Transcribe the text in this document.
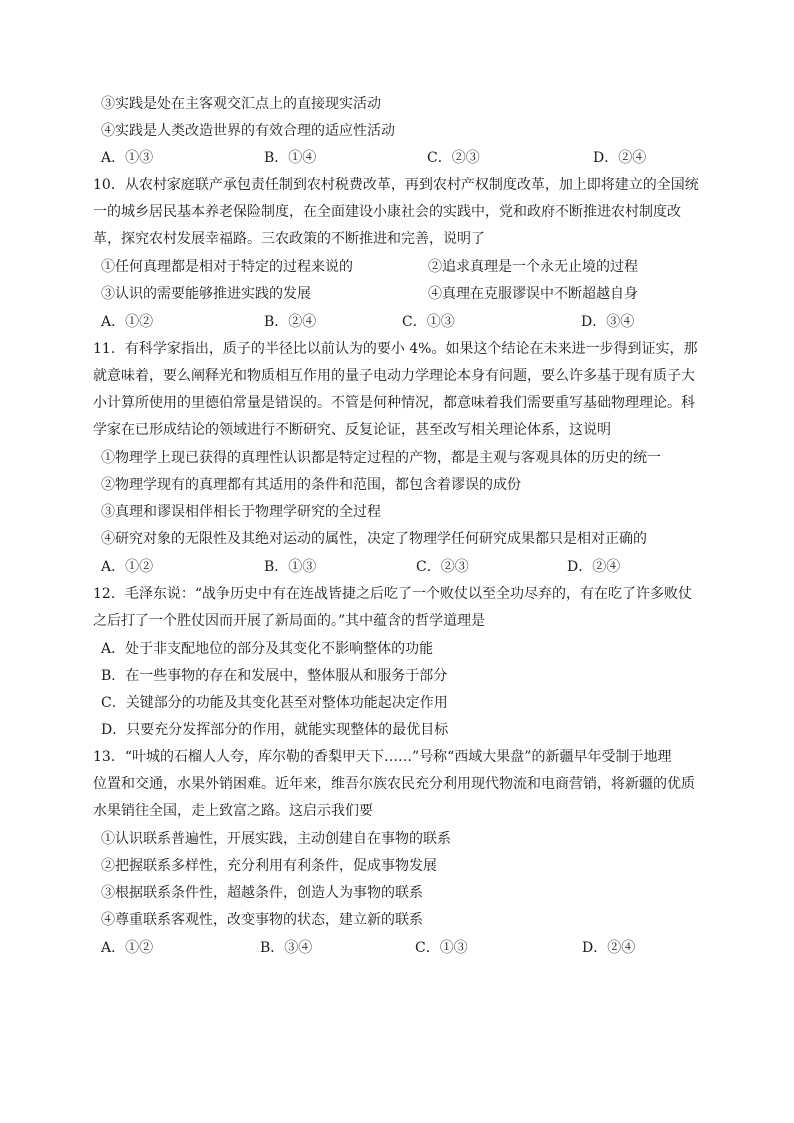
③实践是处在主客观交汇点上的直接现实活动
④实践是人类改造世界的有效合理的适应性活动
A．①③	B．①④	C．②③	D．②④
10．从农村家庭联产承包责任制到农村税费改革，再到农村产权制度改革，加上即将建立的全国统
一的城乡居民基本养老保险制度，在全面建设小康社会的实践中，党和政府不断推进农村制度改
革，探究农村发展幸福路。三农政策的不断推进和完善，说明了
①任何真理都是相对于特定的过程来说的	②追求真理是一个永无止境的过程
③认识的需要能够推进实践的发展	④真理在克服谬误中不断超越自身
A．①②	B．②④	C．①③	D．③④
11．有科学家指出，质子的半径比以前认为的要小 4%。如果这个结论在未来进一步得到证实，那
就意味着，要么阐释光和物质相互作用的量子电动力学理论本身有问题，要么许多基于现有质子大
小计算所使用的里德伯常量是错误的。不管是何种情况，都意味着我们需要重写基础物理理论。科
学家在已形成结论的领域进行不断研究、反复论证，甚至改写相关理论体系，这说明
①物理学上现已获得的真理性认识都是特定过程的产物，都是主观与客观具体的历史的统一
②物理学现有的真理都有其适用的条件和范围，都包含着谬误的成份
③真理和谬误相伴相长于物理学研究的全过程
④研究对象的无限性及其绝对运动的属性，决定了物理学任何研究成果都只是相对正确的
A．①②	B．①③	C．②③	D．②④
12．毛泽东说：“战争历史中有在连战皆捷之后吃了一个败仗以至全功尽弃的，有在吃了许多败仗
之后打了一个胜仗因而开展了新局面的。”其中蕴含的哲学道理是
A．处于非支配地位的部分及其变化不影响整体的功能
B．在一些事物的存在和发展中，整体服从和服务于部分
C．关键部分的功能及其变化甚至对整体功能起决定作用
D．只要充分发挥部分的作用，就能实现整体的最优目标
13．“叶城的石榴人人夸，库尔勒的香梨甲天下……”号称“西域大果盘”的新疆早年受制于地理
位置和交通，水果外销困难。近年来，维吾尔族农民充分利用现代物流和电商营销，将新疆的优质
水果销往全国，走上致富之路。这启示我们要
①认识联系普遍性，开展实践，主动创建自在事物的联系
②把握联系多样性，充分利用有利条件，促成事物发展
③根据联系条件性，超越条件，创造人为事物的联系
④尊重联系客观性，改变事物的状态，建立新的联系
A．①②	B．③④	C．①③	D．②④
